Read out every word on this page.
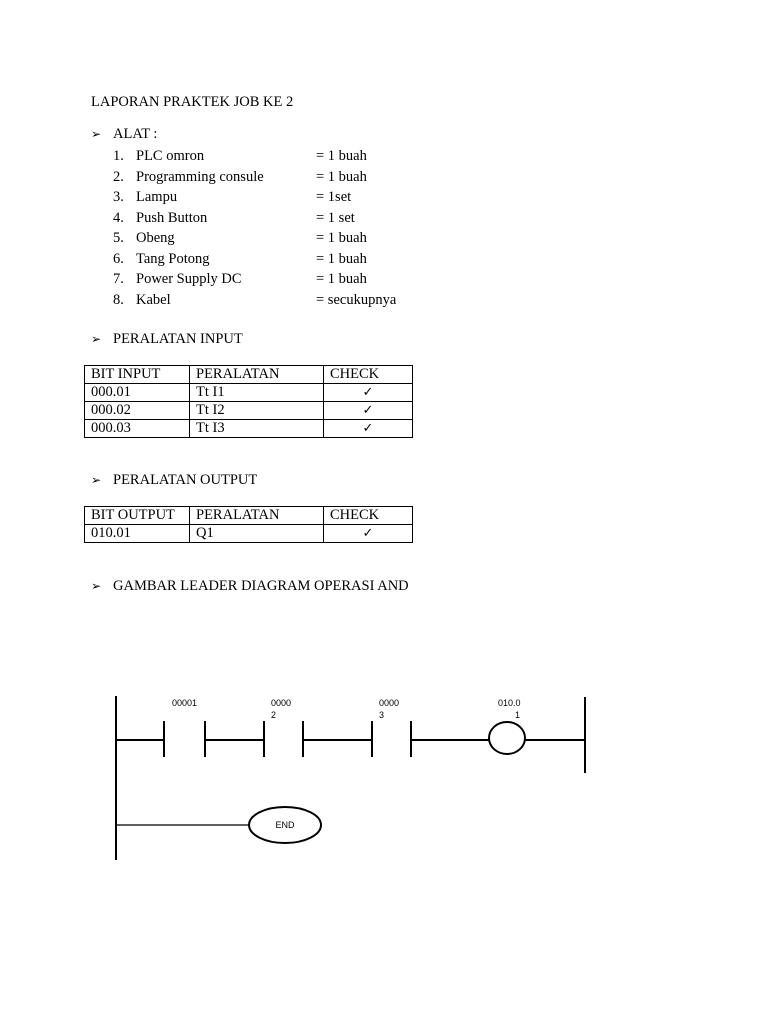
LAPORAN PRAKTEK JOB KE 2
➢ ALAT :
1. PLC omron	= 1 buah
2. Programming consule	= 1 buah
3. Lampu	= 1set
4. Push Button	= 1 set
5. Obeng	= 1 buah
6. Tang Potong	= 1 buah
7. Power Supply DC	= 1 buah
8. Kabel	= secukupnya
➢ PERALATAN INPUT
BIT INPUT	PERALATAN	CHECK
000.01	Tt I1	✓
000.02	Tt I2	✓
000.03	Tt I3	✓
➢ PERALATAN OUTPUT
BIT OUTPUT	PERALATAN	CHECK
010.01	Q1	✓
➢ GAMBAR LEADER DIAGRAM OPERASI AND
00001	0000
2
0000
3
010.0
1
END
